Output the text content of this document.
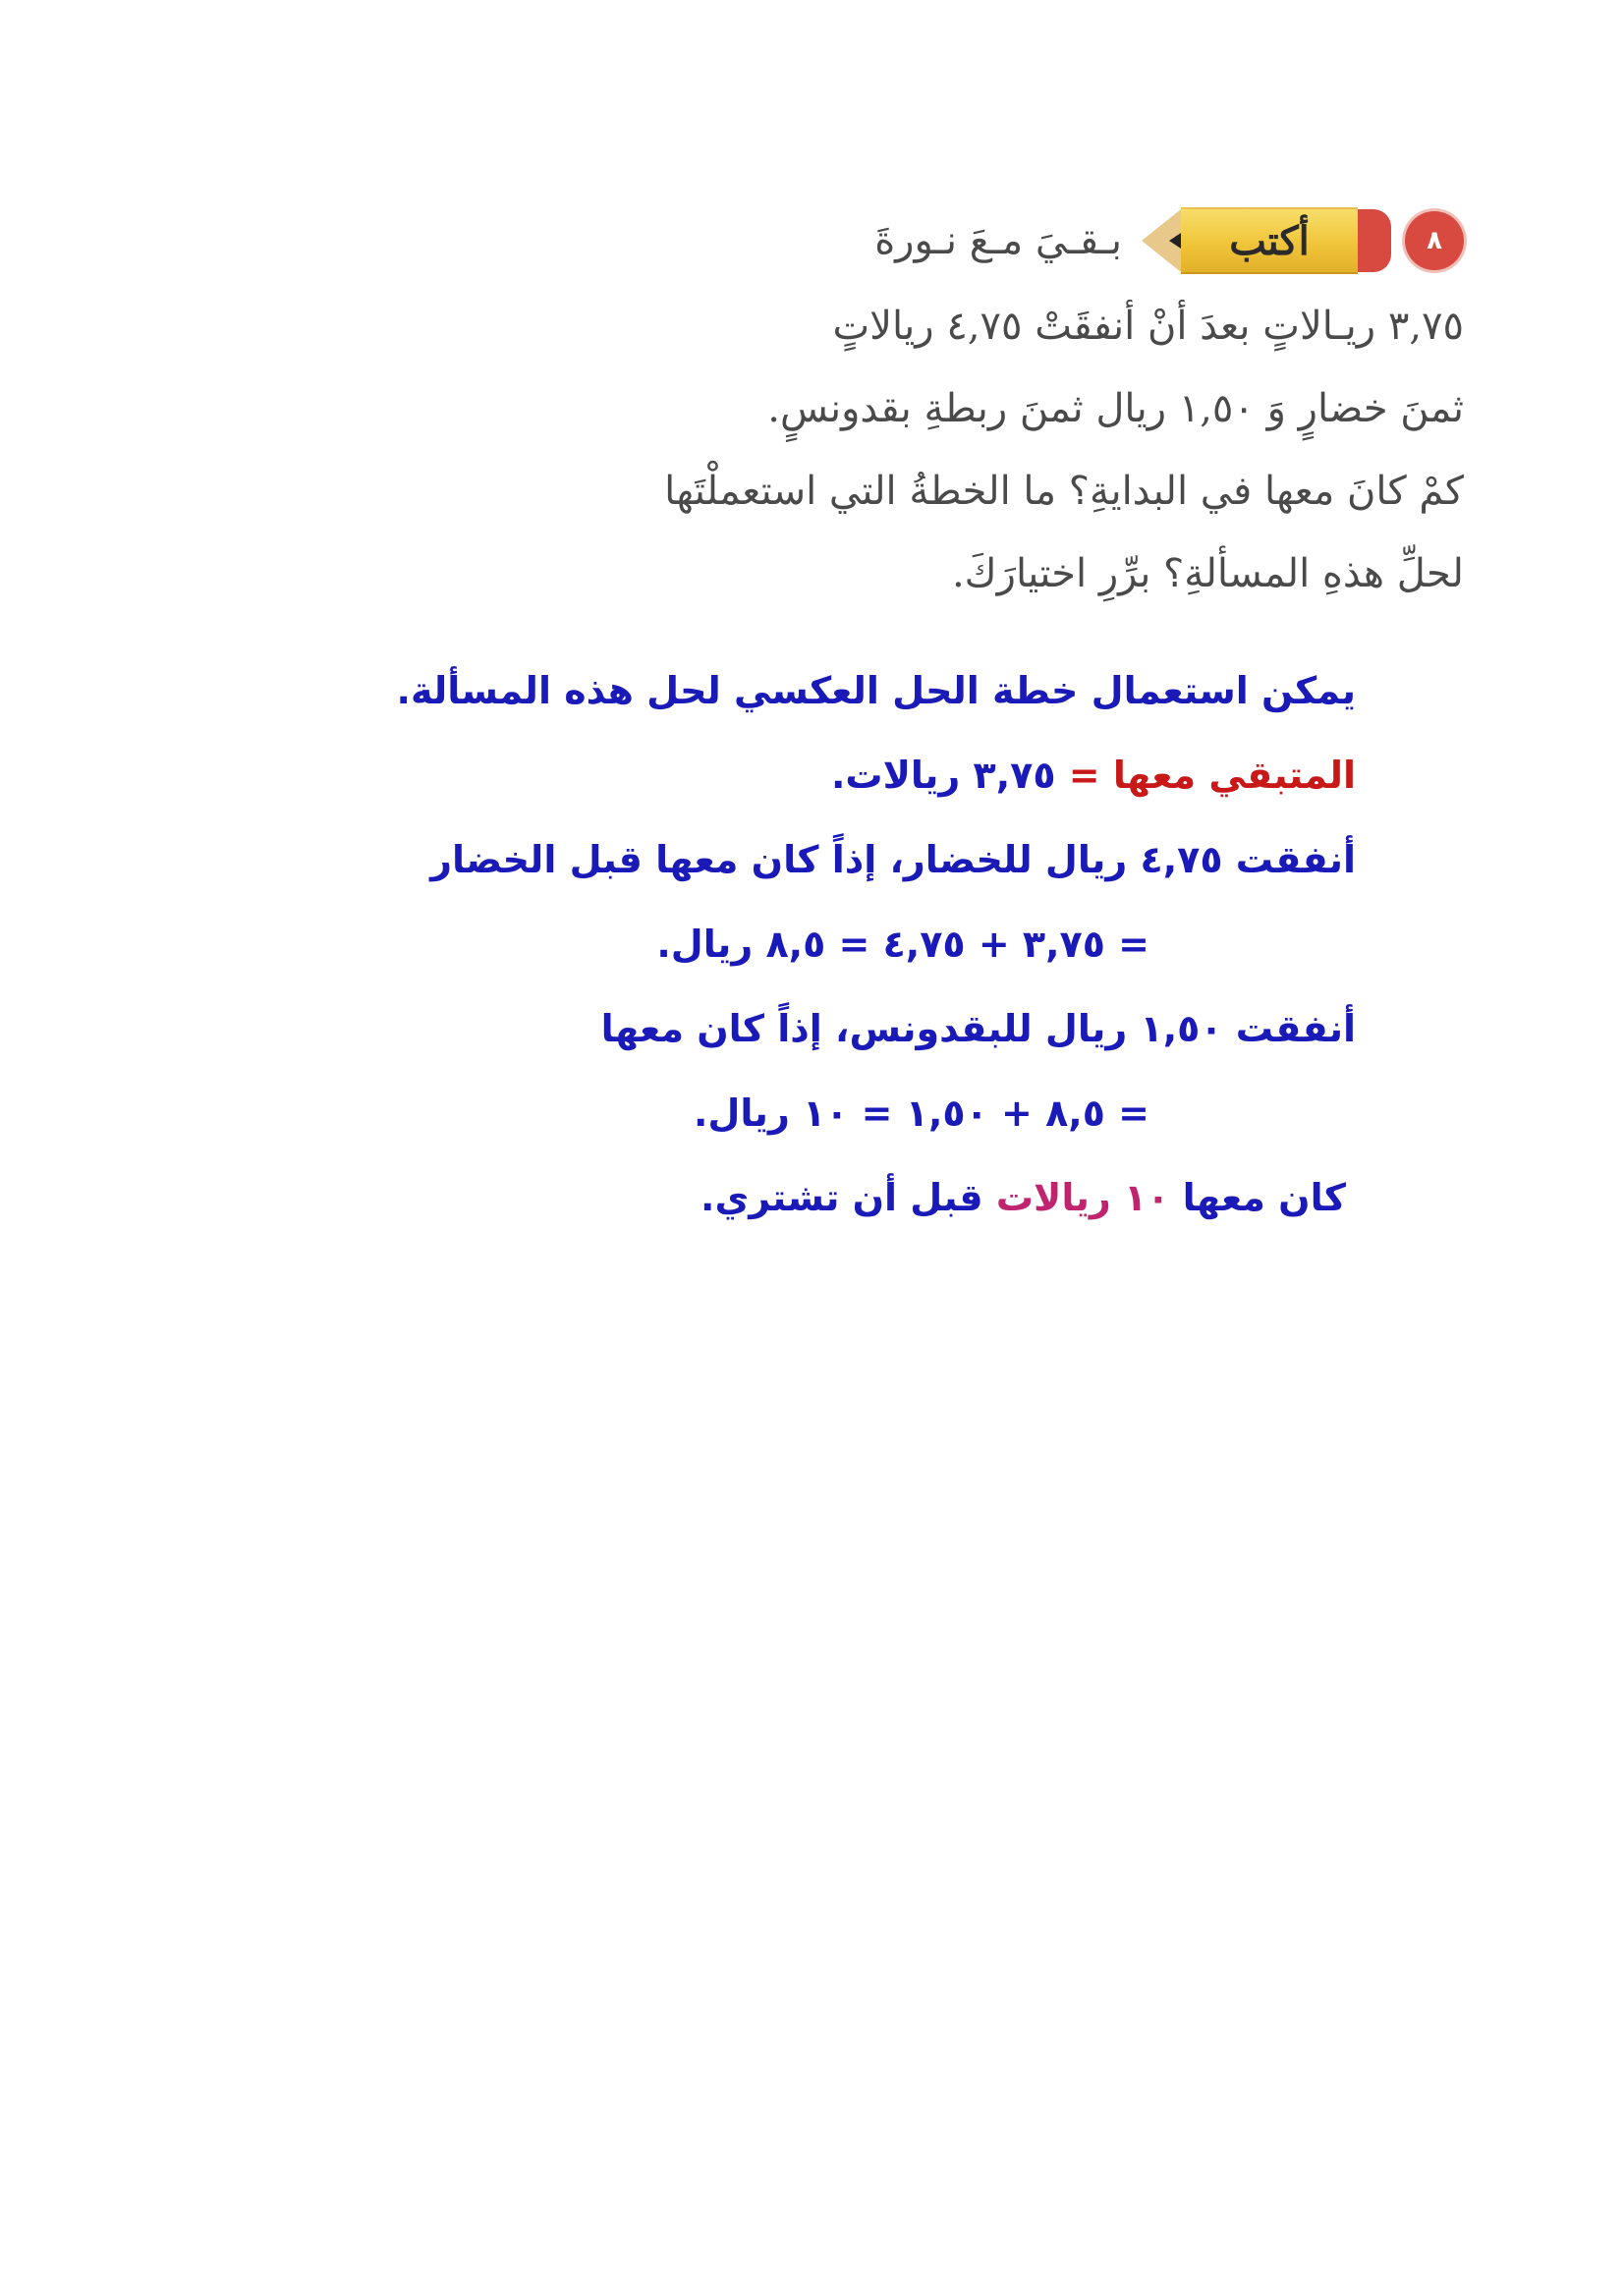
٨
أكتب
بـقـيَ مـعَ نـورةَ
٣,٧٥ ريـالاتٍ بعدَ أنْ أنفقَتْ ٤,٧٥ ريالاتٍ
ثمنَ خضارٍ وَ ١,٥٠ ريال ثمنَ ربطةِ بقدونسٍ.
كمْ كانَ معها في البدايةِ؟ ما الخطةُ التي استعملْتَها
لحلِّ هذهِ المسألةِ؟ برِّرِ اختيارَكَ.
يمكن استعمال خطة الحل العكسي لحل هذه المسألة.
المتبقي معها = ٣,٧٥ ريالات.
أنفقت ٤,٧٥ ريال للخضار، إذاً كان معها قبل الخضار
= ٣,٧٥ + ٤,٧٥ = ٨,٥ ريال.
أنفقت ١,٥٠ ريال للبقدونس، إذاً كان معها
= ٨,٥ + ١,٥٠ = ١٠ ريال.
كان معها ١٠ ريالات قبل أن تشتري.
